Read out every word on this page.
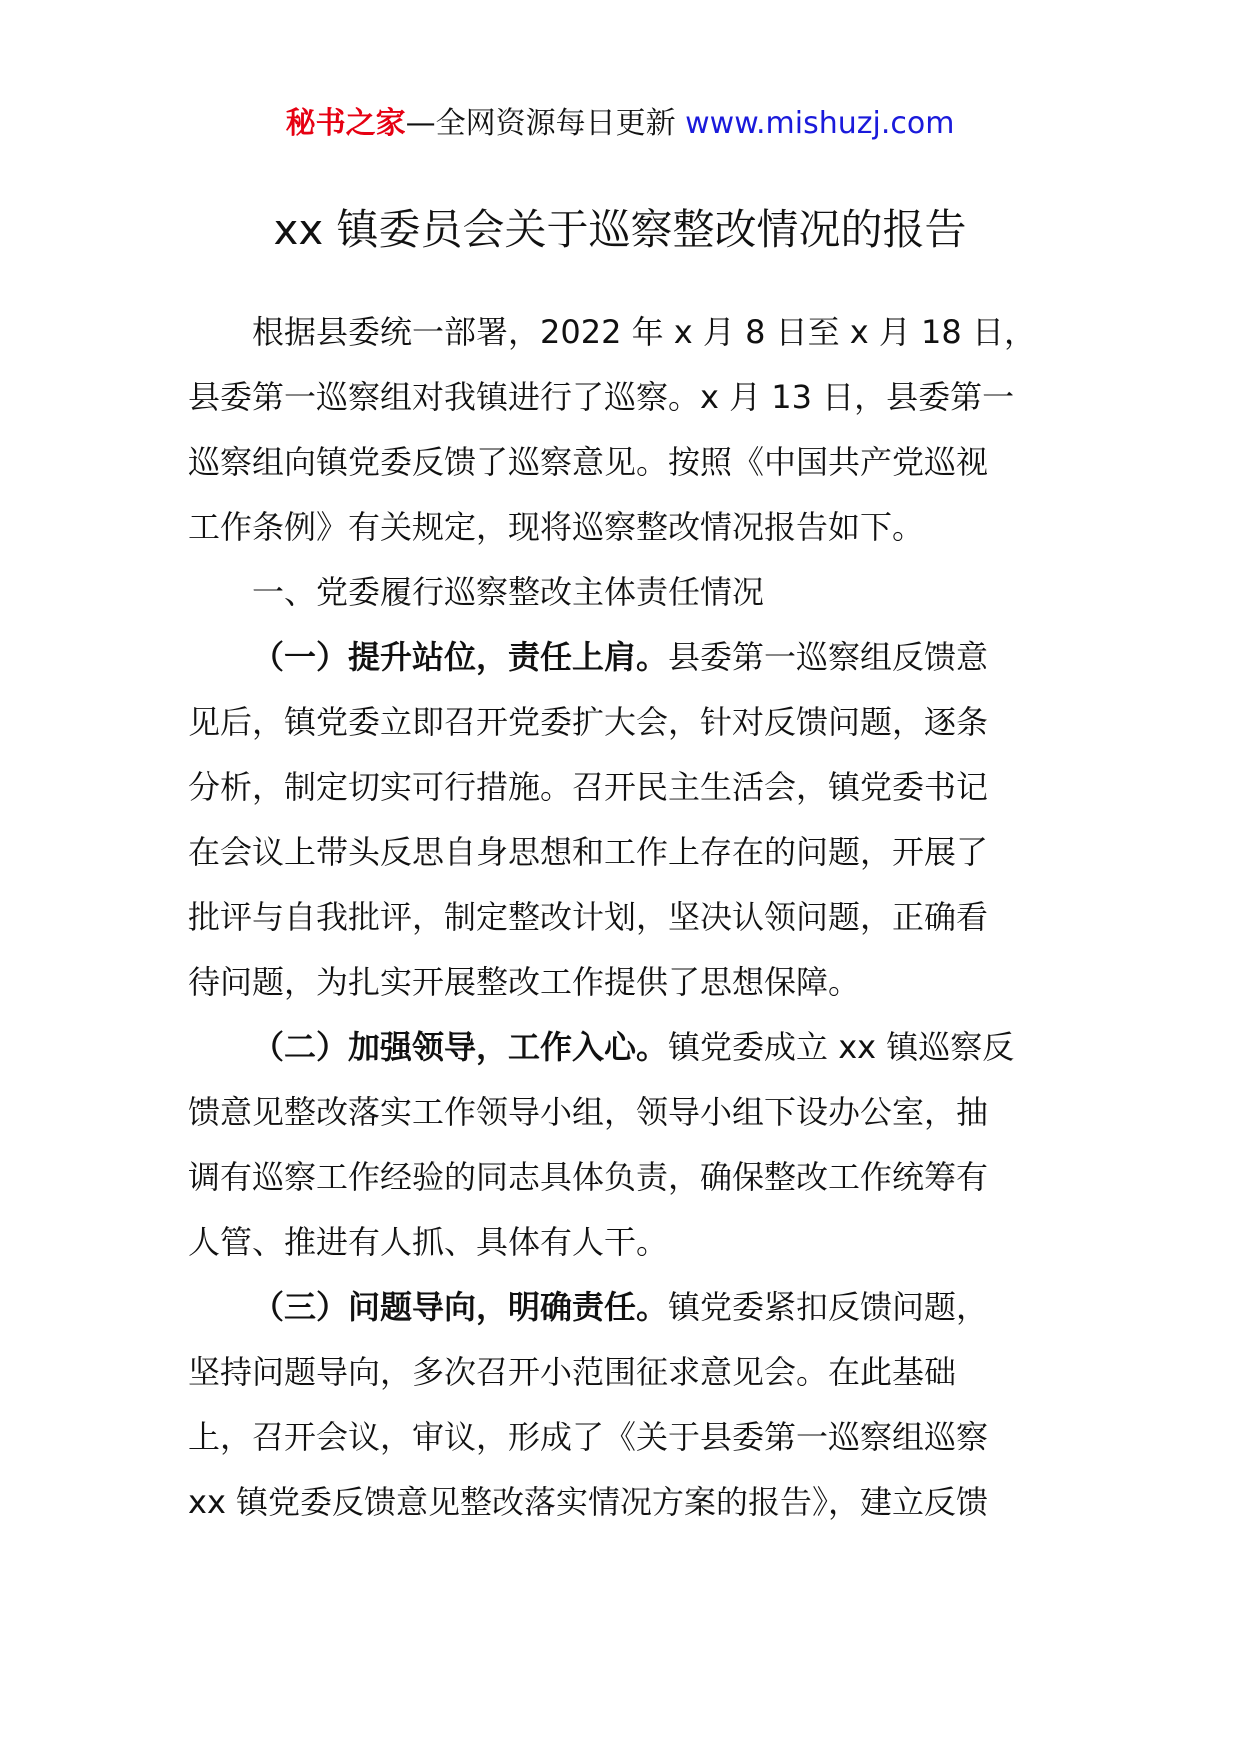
秘书之家—全网资源每日更新 www.mishuzj.com
xx 镇委员会关于巡察整改情况的报告
根据县委统一部署，2022 年 x 月 8 日至 x 月 18 日，
县委第一巡察组对我镇进行了巡察。x 月 13 日，县委第一
巡察组向镇党委反馈了巡察意见。按照《中国共产党巡视
工作条例》有关规定，现将巡察整改情况报告如下。
一、党委履行巡察整改主体责任情况
（一）提升站位，责任上肩。县委第一巡察组反馈意
见后，镇党委立即召开党委扩大会，针对反馈问题，逐条
分析，制定切实可行措施。召开民主生活会，镇党委书记
在会议上带头反思自身思想和工作上存在的问题，开展了
批评与自我批评，制定整改计划，坚决认领问题，正确看
待问题，为扎实开展整改工作提供了思想保障。
（二）加强领导，工作入心。镇党委成立 xx 镇巡察反
馈意见整改落实工作领导小组，领导小组下设办公室，抽
调有巡察工作经验的同志具体负责，确保整改工作统筹有
人管、推进有人抓、具体有人干。
（三）问题导向，明确责任。镇党委紧扣反馈问题，
坚持问题导向，多次召开小范围征求意见会。在此基础
上，召开会议，审议，形成了《关于县委第一巡察组巡察
xx 镇党委反馈意见整改落实情况方案的报告》，建立反馈
